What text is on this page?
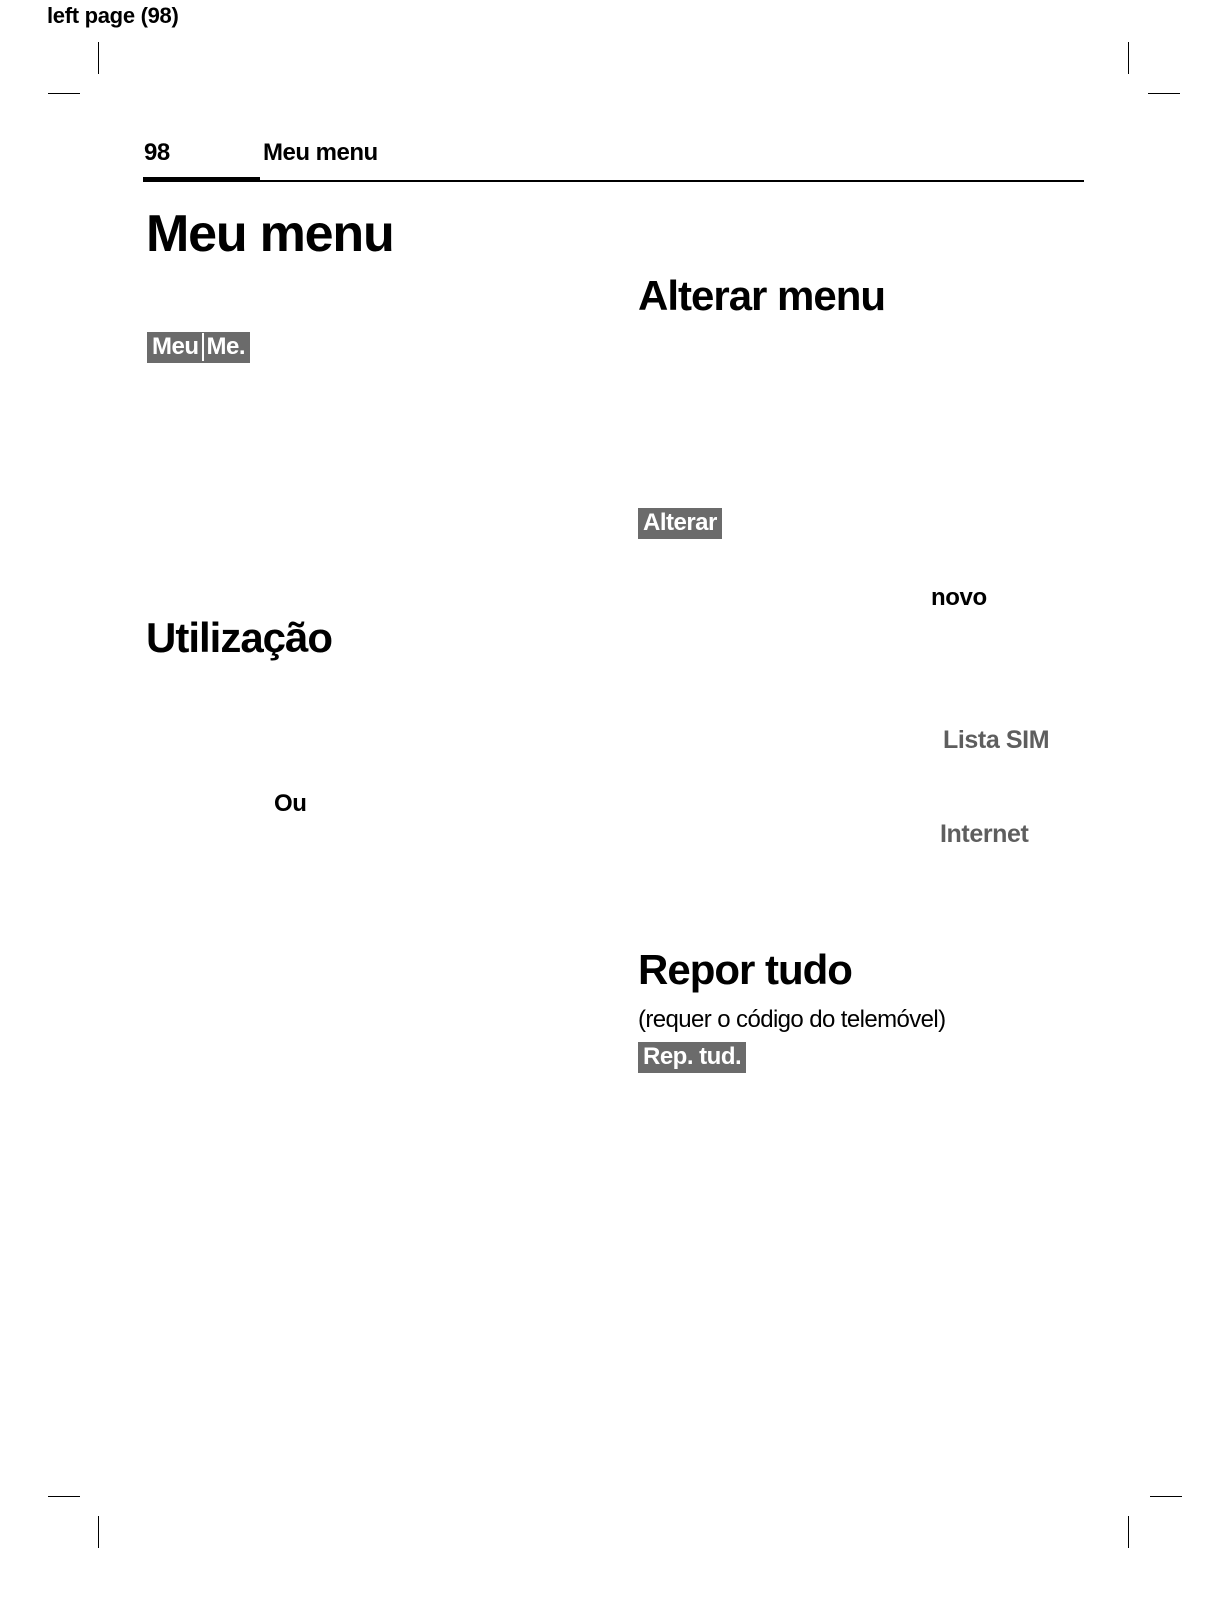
left page (98)
98	Meu menu
Meu menu
Meu Me.
Utilização
Ou
Alterar menu
Alterar
novo
Lista SIM
Internet
Repor tudo
(requer o código do telemóvel)
Rep. tud.
